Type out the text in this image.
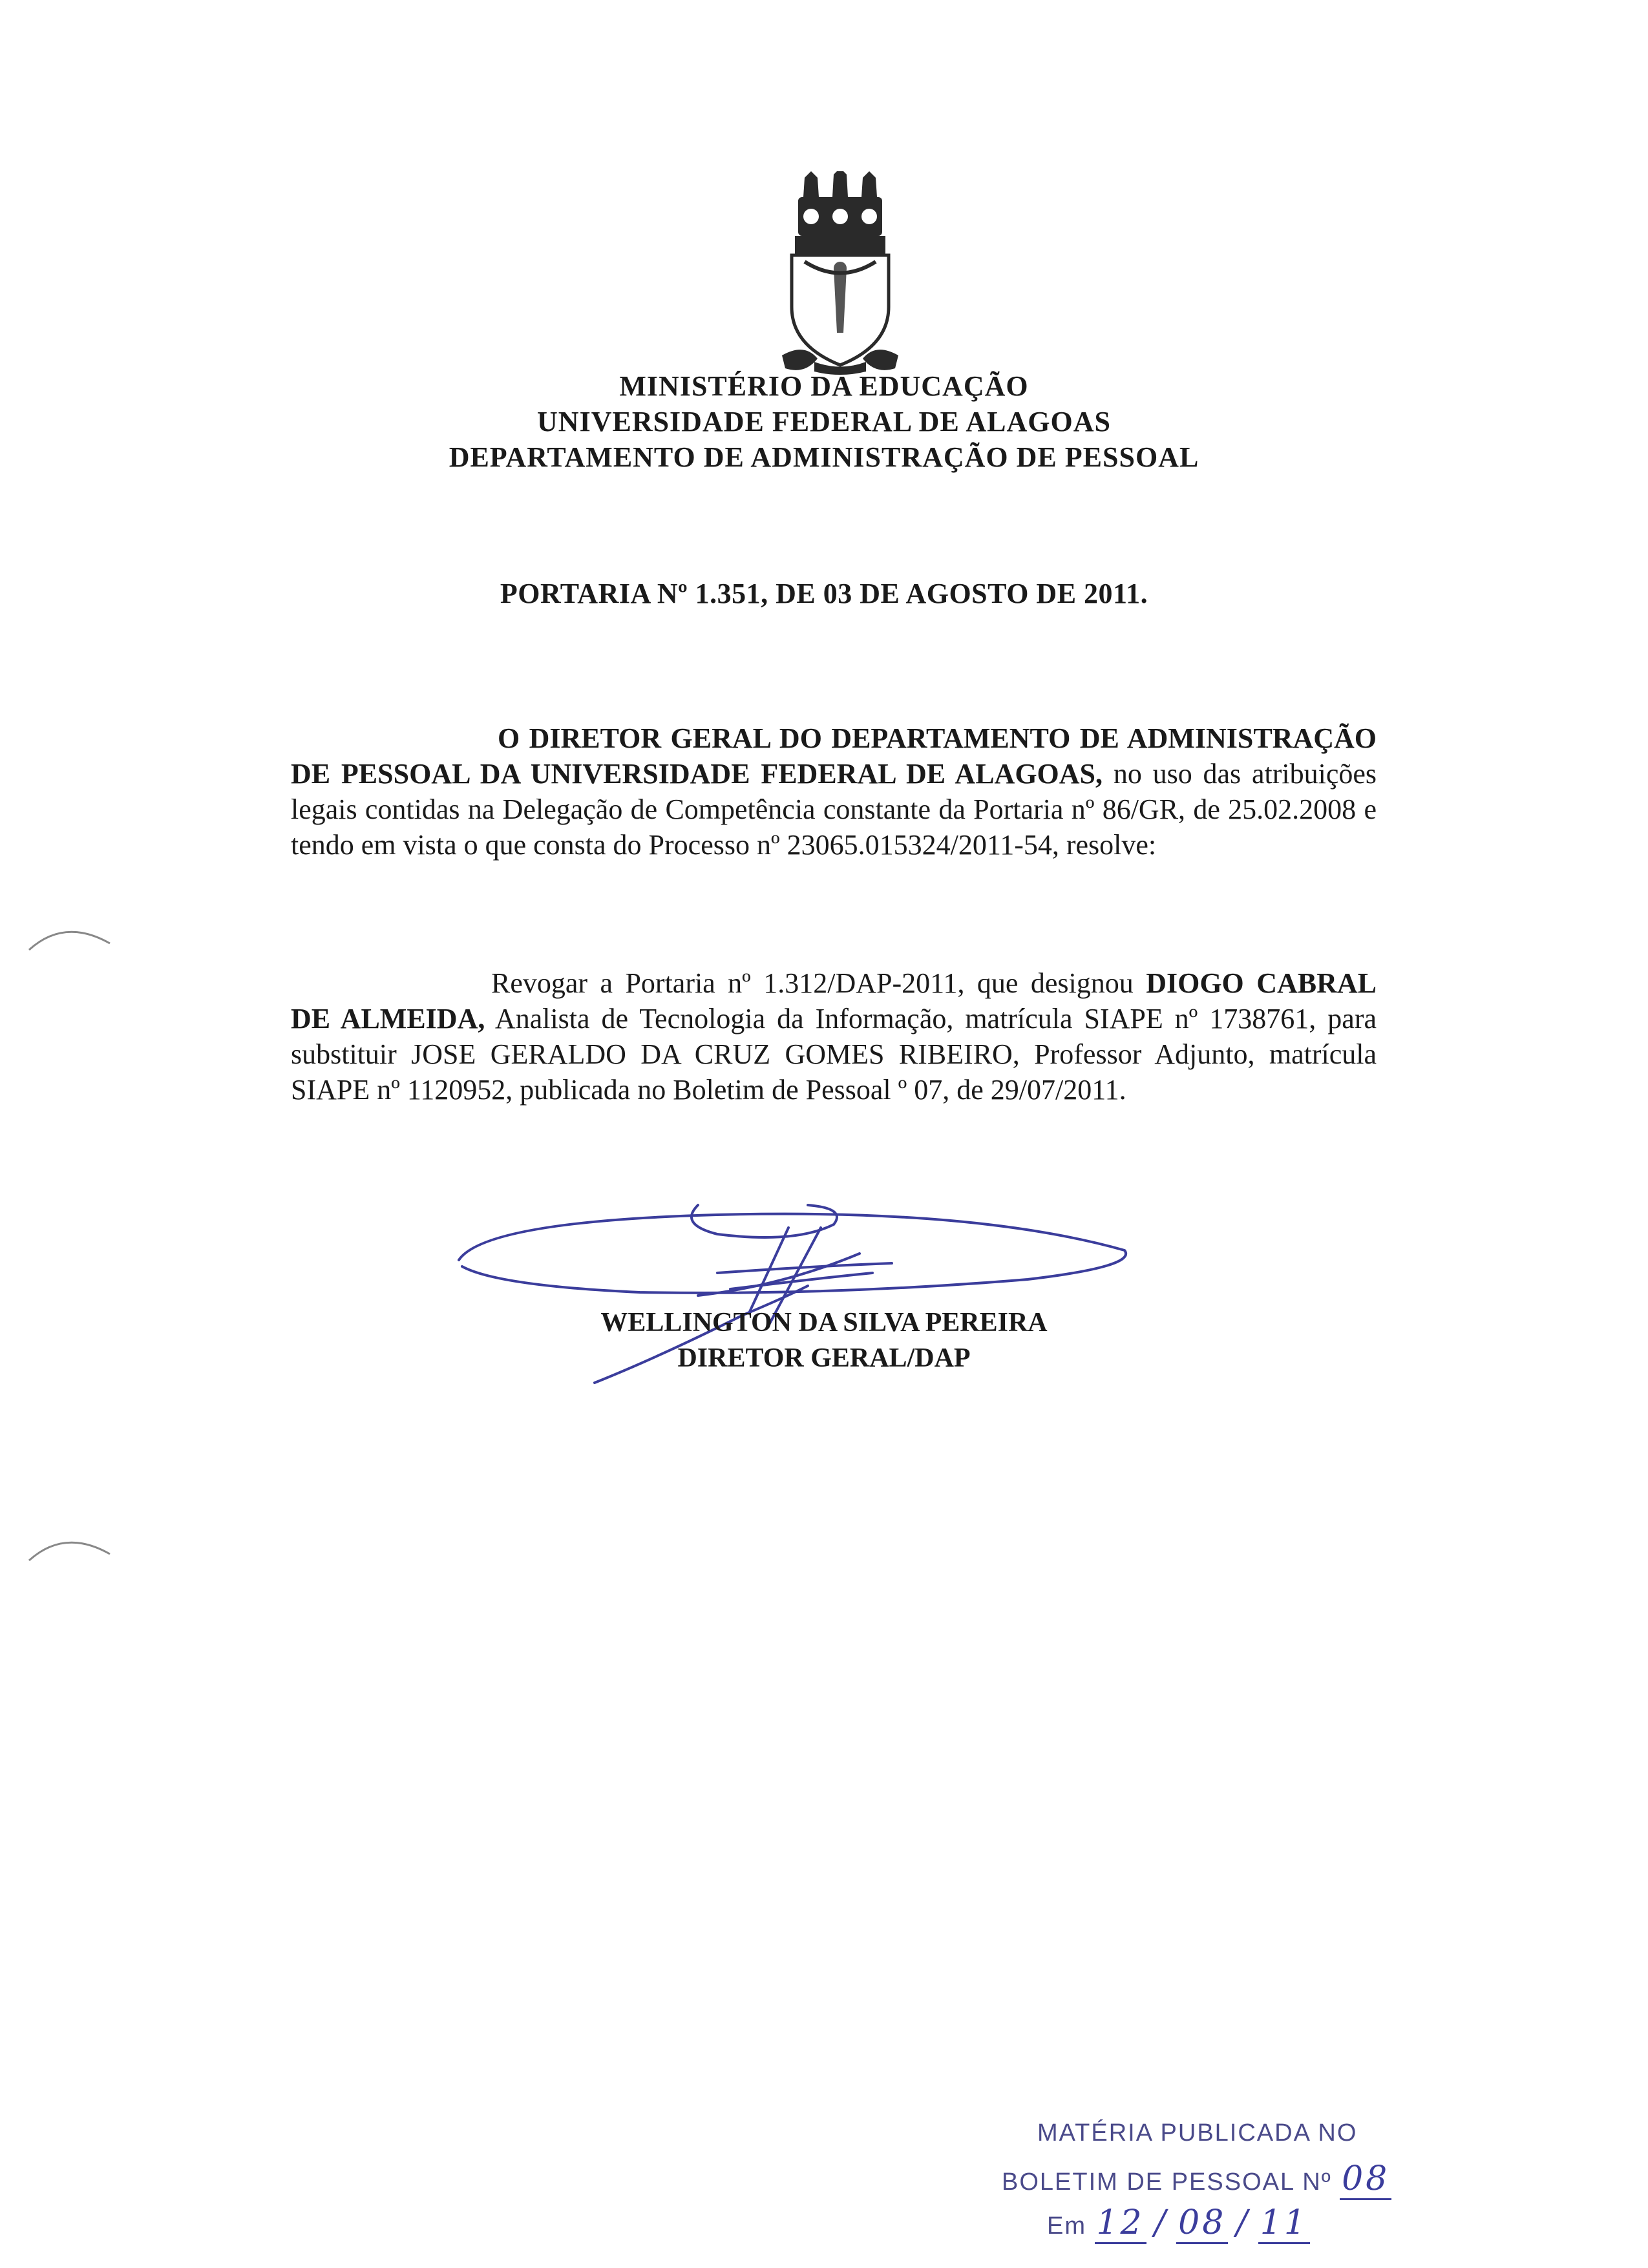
MINISTÉRIO DA EDUCAÇÃO
UNIVERSIDADE FEDERAL DE ALAGOAS
DEPARTAMENTO DE ADMINISTRAÇÃO DE PESSOAL
PORTARIA Nº 1.351, DE 03 DE AGOSTO DE 2011.
O DIRETOR GERAL DO DEPARTAMENTO DE ADMINISTRAÇÃO DE PESSOAL DA UNIVERSIDADE FEDERAL DE ALAGOAS, no uso das atribuições legais contidas na Delegação de Competência constante da Portaria nº 86/GR, de 25.02.2008 e tendo em vista o que consta do Processo nº 23065.015324/2011-54, resolve:
Revogar a Portaria nº 1.312/DAP-2011, que designou DIOGO CABRAL DE ALMEIDA, Analista de Tecnologia da Informação, matrícula SIAPE nº 1738761, para substituir JOSE GERALDO DA CRUZ GOMES RIBEIRO, Professor Adjunto, matrícula SIAPE nº 1120952, publicada no Boletim de Pessoal º 07, de 29/07/2011.
WELLINGTON DA SILVA PEREIRA
DIRETOR GERAL/DAP
MATÉRIA PUBLICADA NO
BOLETIM DE PESSOAL Nº 08
Em 12 / 08 / 11
